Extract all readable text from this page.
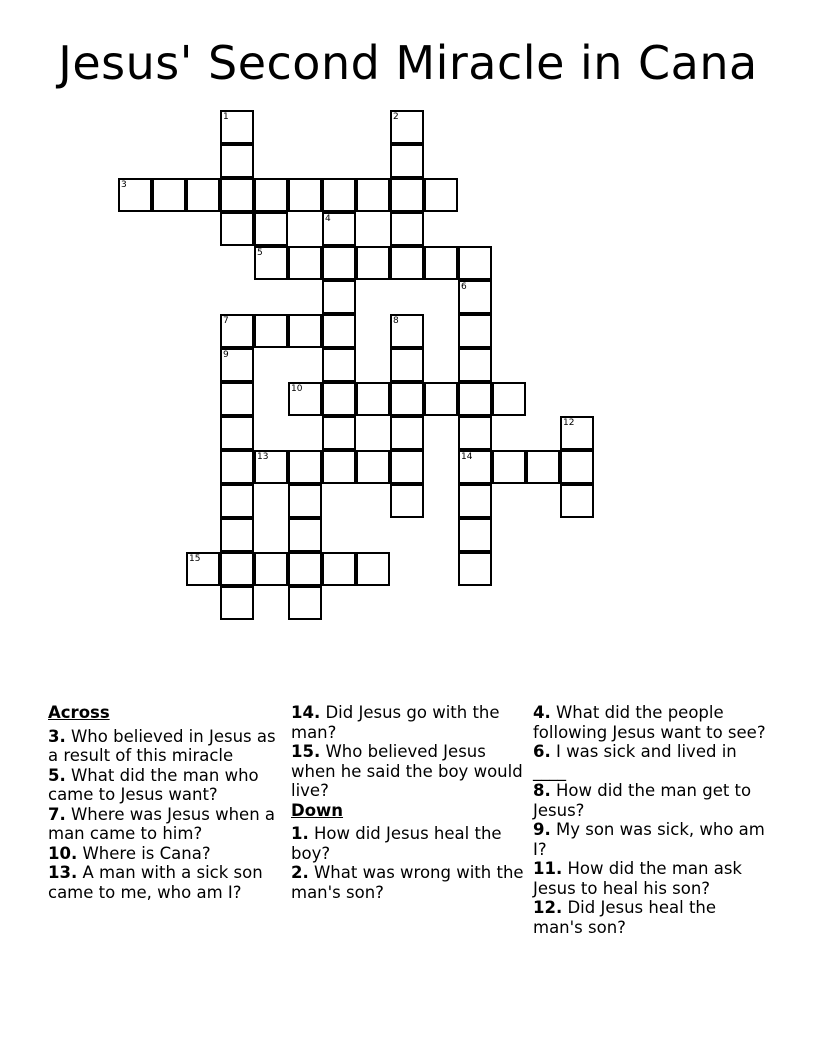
Jesus' Second Miracle in Cana
1	2
3
4
5
6
7	8
9
10
12
13	14
15
Across
3. Who believed in Jesus as a result of this miracle
5. What did the man who came to Jesus want?
7. Where was Jesus when a man came to him?
10. Where is Cana?
13. A man with a sick son came to me, who am I?
14. Did Jesus go with the man?
15. Who believed Jesus when he said the boy would live?
Down
1. How did Jesus heal the boy?
2. What was wrong with the man's son?
4. What did the people following Jesus want to see?
6. I was sick and lived in ____
8. How did the man get to Jesus?
9. My son was sick, who am I?
11. How did the man ask Jesus to heal his son?
12. Did Jesus heal the man's son?
